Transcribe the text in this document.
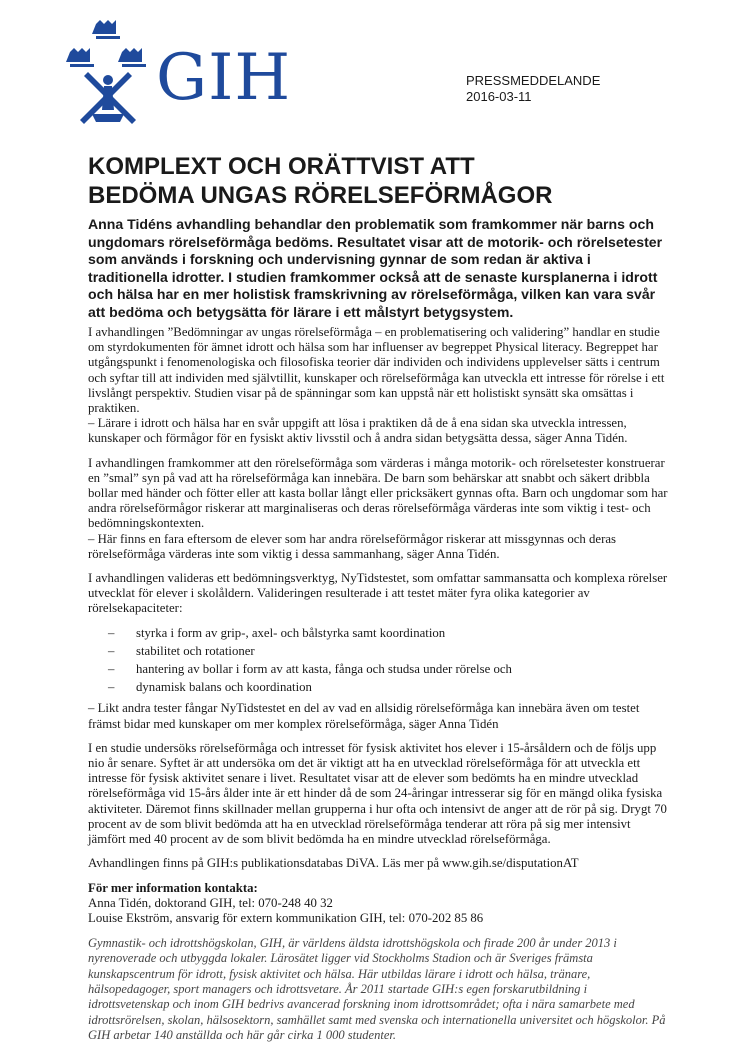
GIH	PRESSMEDDELANDE
2016-03-11
KOMPLEXT OCH ORÄTTVIST ATT
BEDÖMA UNGAS RÖRELSEFÖRMÅGOR

Anna Tidéns avhandling behandlar den problematik som framkommer när barns och ungdomars rörelseförmåga bedöms. Resultatet visar att de motorik- och rörelsetester som används i forskning och undervisning gynnar de som redan är aktiva i traditionella idrotter. I studien framkommer också att de senaste kursplanerna i idrott och hälsa har en mer holistisk framskrivning av rörelseförmåga, vilken kan vara svår att bedöma och betygsätta för lärare i ett målstyrt betygsystem.

I avhandlingen ”Bedömningar av ungas rörelseförmåga – en problematisering och validering” handlar en studie om styrdokumenten för ämnet idrott och hälsa som har influenser av begreppet Physical literacy. Begreppet har utgångspunkt i fenomenologiska och filosofiska teorier där individen och individens upplevelser sätts i centrum och syftar till att individen med självtillit, kunskaper och rörelseförmåga kan utveckla ett intresse för rörelse i ett livslångt perspektiv. Studien visar på de spänningar som kan uppstå när ett holistiskt synsätt ska omsättas i praktiken.
– Lärare i idrott och hälsa har en svår uppgift att lösa i praktiken då de å ena sidan ska utveckla intressen, kunskaper och förmågor för en fysiskt aktiv livsstil och å andra sidan betygsätta dessa, säger Anna Tidén.

I avhandlingen framkommer att den rörelseförmåga som värderas i många motorik- och rörelsetester konstruerar en ”smal” syn på vad att ha rörelseförmåga kan innebära. De barn som behärskar att snabbt och säkert dribbla bollar med händer och fötter eller att kasta bollar långt eller pricksäkert gynnas ofta. Barn och ungdomar som har andra rörelseförmågor riskerar att marginaliseras och deras rörelseförmåga värderas inte som viktig i test- och bedömningskontexten.
– Här finns en fara eftersom de elever som har andra rörelseförmågor riskerar att missgynnas och deras rörelseförmåga värderas inte som viktig i dessa sammanhang, säger Anna Tidén.

I avhandlingen valideras ett bedömningsverktyg, NyTidstestet, som omfattar sammansatta och komplexa rörelser utvecklat för elever i skolåldern. Valideringen resulterade i att testet mäter fyra olika kategorier av rörelsekapaciteter:

– styrka i form av grip-, axel- och bålstyrka samt koordination
– stabilitet och rotationer
– hantering av bollar i form av att kasta, fånga och studsa under rörelse och
– dynamisk balans och koordination

– Likt andra tester fångar NyTidstestet en del av vad en allsidig rörelseförmåga kan innebära även om testet främst bidar med kunskaper om mer komplex rörelseförmåga, säger Anna Tidén

I en studie undersöks rörelseförmåga och intresset för fysisk aktivitet hos elever i 15-årsåldern och de följs upp nio år senare. Syftet är att undersöka om det är viktigt att ha en utvecklad rörelseförmåga för att utveckla ett intresse för fysisk aktivitet senare i livet. Resultatet visar att de elever som bedömts ha en mindre utvecklad rörelseförmåga vid 15-års ålder inte är ett hinder då de som 24-åringar intresserar sig för en mängd olika fysiska aktiviteter. Däremot finns skillnader mellan grupperna i hur ofta och intensivt de anger att de rör på sig. Drygt 70 procent av de som blivit bedömda att ha en utvecklad rörelseförmåga tenderar att röra på sig mer intensivt jämfört med 40 procent av de som blivit bedömda ha en mindre utvecklad rörelseförmåga.

Avhandlingen finns på GIH:s publikationsdatabas DiVA. Läs mer på www.gih.se/disputationAT

För mer information kontakta:
Anna Tidén, doktorand GIH, tel: 070-248 40 32
Louise Ekström, ansvarig för extern kommunikation GIH, tel: 070-202 85 86

Gymnastik- och idrottshögskolan, GIH, är världens äldsta idrottshögskola och firade 200 år under 2013 i nyrenoverade och utbyggda lokaler. Lärosätet ligger vid Stockholms Stadion och är Sveriges främsta kunskapscentrum för idrott, fysisk aktivitet och hälsa. Här utbildas lärare i idrott och hälsa, tränare, hälsopedagoger, sport managers och idrottsvetare. År 2011 startade GIH:s egen forskarutbildning i idrottsvetenskap och inom GIH bedrivs avancerad forskning inom idrottsområdet; ofta i nära samarbete med idrottsrörelsen, skolan, hälsosektorn, samhället samt med svenska och internationella universitet och högskolor. På GIH arbetar 140 anställda och här går cirka 1 000 studenter.
